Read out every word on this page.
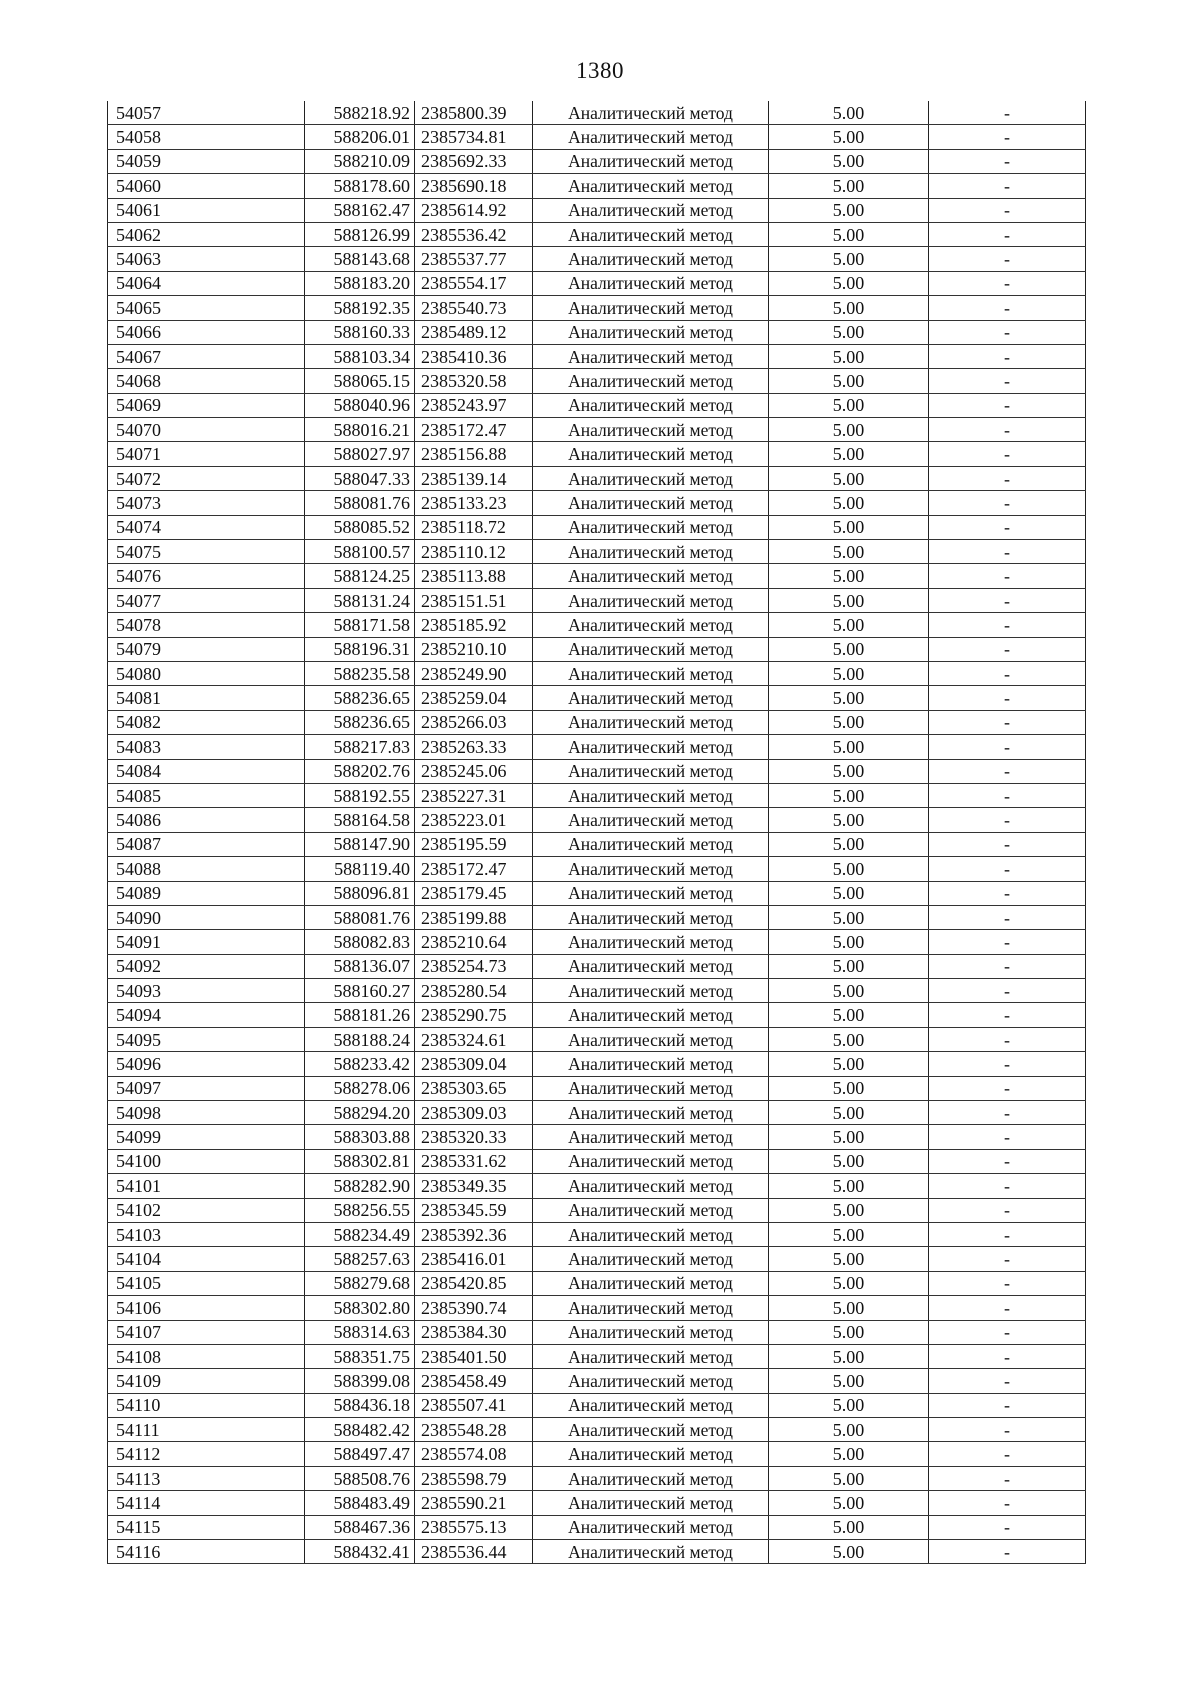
1380
54057	588218.92	2385800.39	Аналитический метод	5.00	-
54058	588206.01	2385734.81	Аналитический метод	5.00	-
54059	588210.09	2385692.33	Аналитический метод	5.00	-
54060	588178.60	2385690.18	Аналитический метод	5.00	-
54061	588162.47	2385614.92	Аналитический метод	5.00	-
54062	588126.99	2385536.42	Аналитический метод	5.00	-
54063	588143.68	2385537.77	Аналитический метод	5.00	-
54064	588183.20	2385554.17	Аналитический метод	5.00	-
54065	588192.35	2385540.73	Аналитический метод	5.00	-
54066	588160.33	2385489.12	Аналитический метод	5.00	-
54067	588103.34	2385410.36	Аналитический метод	5.00	-
54068	588065.15	2385320.58	Аналитический метод	5.00	-
54069	588040.96	2385243.97	Аналитический метод	5.00	-
54070	588016.21	2385172.47	Аналитический метод	5.00	-
54071	588027.97	2385156.88	Аналитический метод	5.00	-
54072	588047.33	2385139.14	Аналитический метод	5.00	-
54073	588081.76	2385133.23	Аналитический метод	5.00	-
54074	588085.52	2385118.72	Аналитический метод	5.00	-
54075	588100.57	2385110.12	Аналитический метод	5.00	-
54076	588124.25	2385113.88	Аналитический метод	5.00	-
54077	588131.24	2385151.51	Аналитический метод	5.00	-
54078	588171.58	2385185.92	Аналитический метод	5.00	-
54079	588196.31	2385210.10	Аналитический метод	5.00	-
54080	588235.58	2385249.90	Аналитический метод	5.00	-
54081	588236.65	2385259.04	Аналитический метод	5.00	-
54082	588236.65	2385266.03	Аналитический метод	5.00	-
54083	588217.83	2385263.33	Аналитический метод	5.00	-
54084	588202.76	2385245.06	Аналитический метод	5.00	-
54085	588192.55	2385227.31	Аналитический метод	5.00	-
54086	588164.58	2385223.01	Аналитический метод	5.00	-
54087	588147.90	2385195.59	Аналитический метод	5.00	-
54088	588119.40	2385172.47	Аналитический метод	5.00	-
54089	588096.81	2385179.45	Аналитический метод	5.00	-
54090	588081.76	2385199.88	Аналитический метод	5.00	-
54091	588082.83	2385210.64	Аналитический метод	5.00	-
54092	588136.07	2385254.73	Аналитический метод	5.00	-
54093	588160.27	2385280.54	Аналитический метод	5.00	-
54094	588181.26	2385290.75	Аналитический метод	5.00	-
54095	588188.24	2385324.61	Аналитический метод	5.00	-
54096	588233.42	2385309.04	Аналитический метод	5.00	-
54097	588278.06	2385303.65	Аналитический метод	5.00	-
54098	588294.20	2385309.03	Аналитический метод	5.00	-
54099	588303.88	2385320.33	Аналитический метод	5.00	-
54100	588302.81	2385331.62	Аналитический метод	5.00	-
54101	588282.90	2385349.35	Аналитический метод	5.00	-
54102	588256.55	2385345.59	Аналитический метод	5.00	-
54103	588234.49	2385392.36	Аналитический метод	5.00	-
54104	588257.63	2385416.01	Аналитический метод	5.00	-
54105	588279.68	2385420.85	Аналитический метод	5.00	-
54106	588302.80	2385390.74	Аналитический метод	5.00	-
54107	588314.63	2385384.30	Аналитический метод	5.00	-
54108	588351.75	2385401.50	Аналитический метод	5.00	-
54109	588399.08	2385458.49	Аналитический метод	5.00	-
54110	588436.18	2385507.41	Аналитический метод	5.00	-
54111	588482.42	2385548.28	Аналитический метод	5.00	-
54112	588497.47	2385574.08	Аналитический метод	5.00	-
54113	588508.76	2385598.79	Аналитический метод	5.00	-
54114	588483.49	2385590.21	Аналитический метод	5.00	-
54115	588467.36	2385575.13	Аналитический метод	5.00	-
54116	588432.41	2385536.44	Аналитический метод	5.00	-
